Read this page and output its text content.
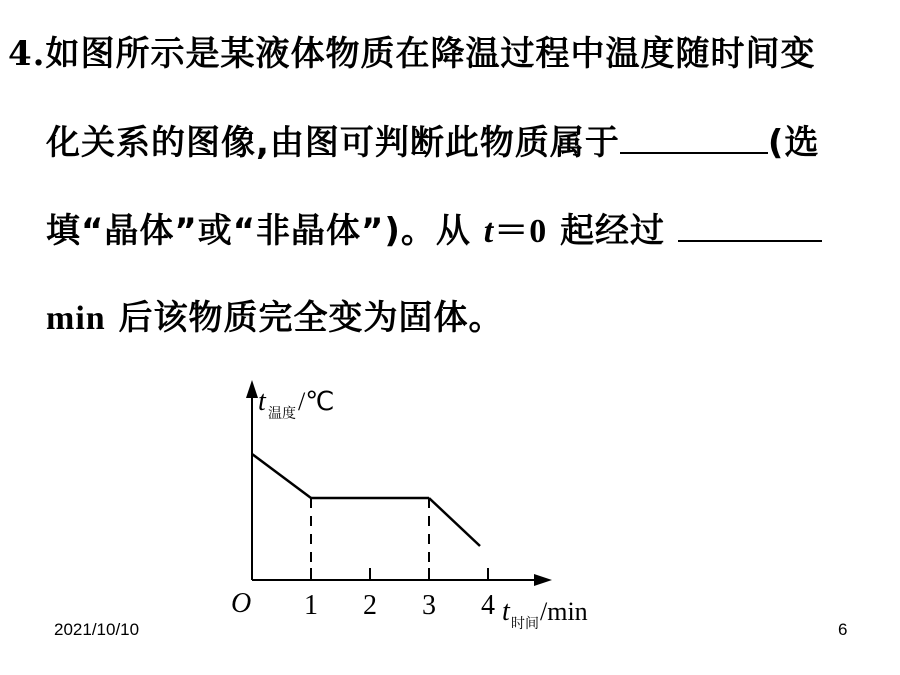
4.如图所示是某液体物质在降温过程中温度随时间变
化关系的图像,由图可判断此物质属于	(选
填“晶体”或“非晶体”)。从 t＝0 起经过
min 后该物质完全变为固体。
O
t 温度 /℃
t 时间 /min
1 2 3 4
2021/10/10	6
